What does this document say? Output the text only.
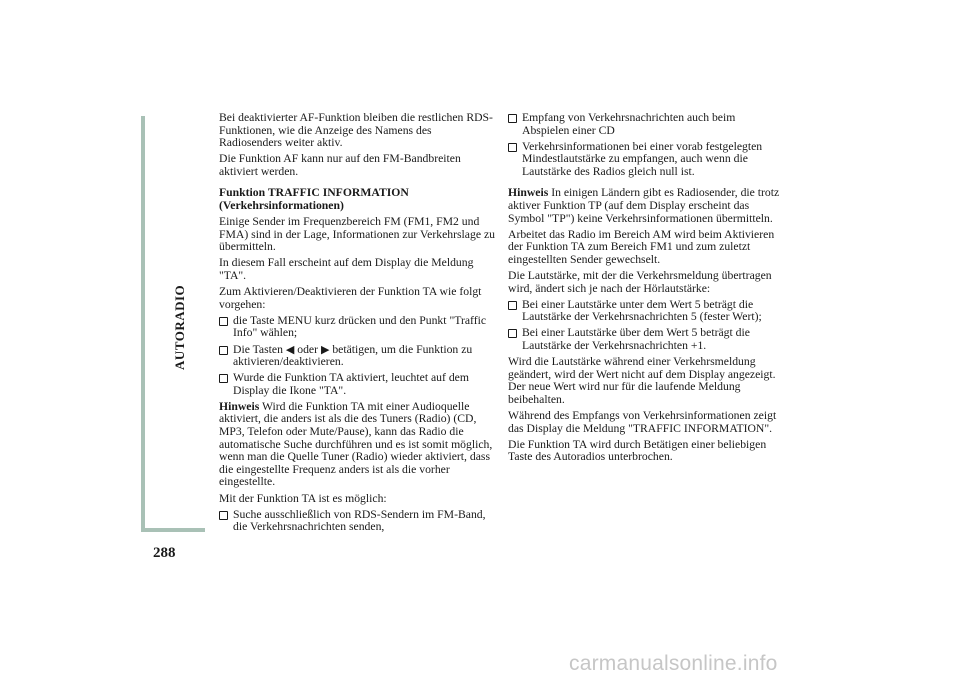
AUTORADIO
288

Bei deaktivierter AF-Funktion bleiben die restlichen RDS-Funktionen, wie die Anzeige des Namens des Radiosenders weiter aktiv.

Die Funktion AF kann nur auf den FM-Bandbreiten aktiviert werden.

Funktion TRAFFIC INFORMATION (Verkehrsinformationen)

Einige Sender im Frequenzbereich FM (FM1, FM2 und FMA) sind in der Lage, Informationen zur Verkehrslage zu übermitteln.

In diesem Fall erscheint auf dem Display die Meldung "TA".

Zum Aktivieren/Deaktivieren der Funktion TA wie folgt vorgehen:

die Taste MENU kurz drücken und den Punkt "Traffic Info" wählen;
Die Tasten ◀ oder ▶ betätigen, um die Funktion zu aktivieren/deaktivieren.
Wurde die Funktion TA aktiviert, leuchtet auf dem Display die Ikone "TA".

Hinweis Wird die Funktion TA mit einer Audioquelle aktiviert, die anders ist als die des Tuners (Radio) (CD, MP3, Telefon oder Mute/Pause), kann das Radio die automatische Suche durchführen und es ist somit möglich, wenn man die Quelle Tuner (Radio) wieder aktiviert, dass die eingestellte Frequenz anders ist als die vorher eingestellte.

Mit der Funktion TA ist es möglich:

Suche ausschließlich von RDS-Sendern im FM-Band, die Verkehrsnachrichten senden,
Empfang von Verkehrsnachrichten auch beim Abspielen einer CD
Verkehrsinformationen bei einer vorab festgelegten Mindestlautstärke zu empfangen, auch wenn die Lautstärke des Radios gleich null ist.

Hinweis In einigen Ländern gibt es Radiosender, die trotz aktiver Funktion TP (auf dem Display erscheint das Symbol "TP") keine Verkehrsinformationen übermitteln.

Arbeitet das Radio im Bereich AM wird beim Aktivieren der Funktion TA zum Bereich FM1 und zum zuletzt eingestellten Sender gewechselt.

Die Lautstärke, mit der die Verkehrsmeldung übertragen wird, ändert sich je nach der Hörlautstärke:

Bei einer Lautstärke unter dem Wert 5 beträgt die Lautstärke der Verkehrsnachrichten 5 (fester Wert);
Bei einer Lautstärke über dem Wert 5 beträgt die Lautstärke der Verkehrsnachrichten +1.

Wird die Lautstärke während einer Verkehrsmeldung geändert, wird der Wert nicht auf dem Display angezeigt. Der neue Wert wird nur für die laufende Meldung beibehalten.

Während des Empfangs von Verkehrsinformationen zeigt das Display die Meldung "TRAFFIC INFORMATION".

Die Funktion TA wird durch Betätigen einer beliebigen Taste des Autoradios unterbrochen.

carmanualsonline.info
